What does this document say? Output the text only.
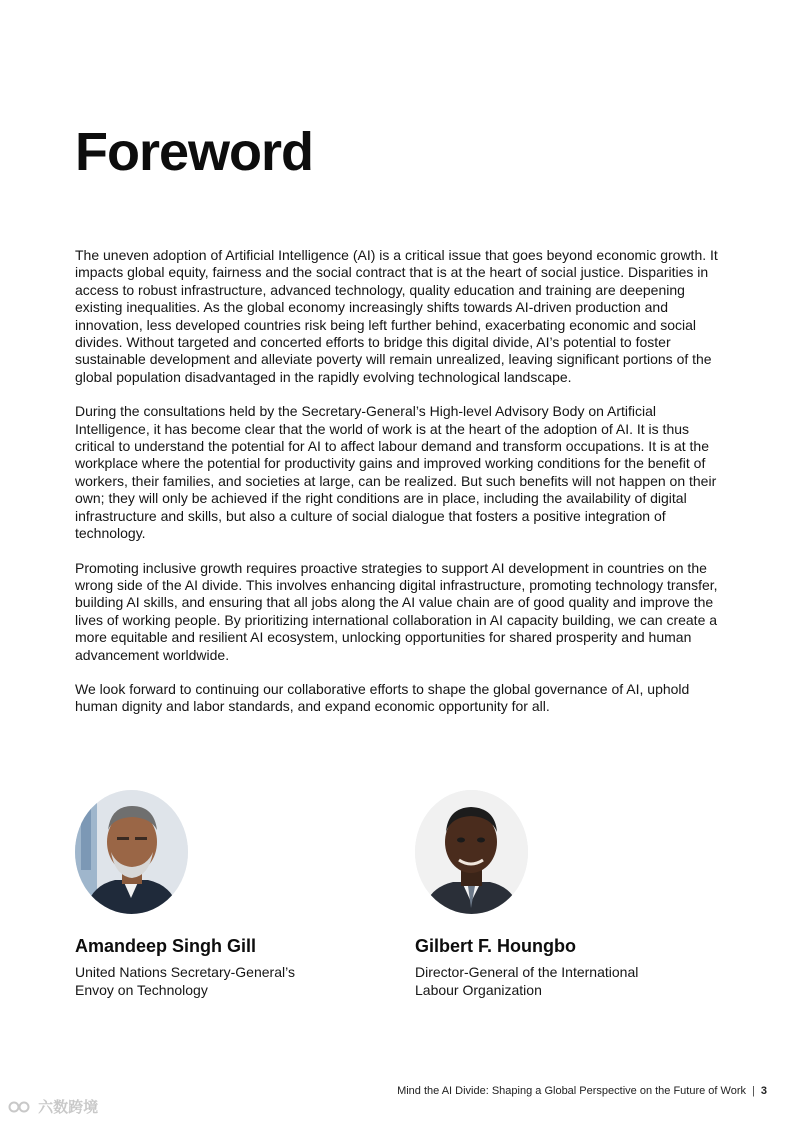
Foreword

The uneven adoption of Artificial Intelligence (AI) is a critical issue that goes beyond economic growth. It impacts global equity, fairness and the social contract that is at the heart of social justice. Disparities in access to robust infrastructure, advanced technology, quality education and training are deepening existing inequalities. As the global economy increasingly shifts towards AI-driven production and innovation, less developed countries risk being left further behind, exacerbating economic and social divides. Without targeted and concerted efforts to bridge this digital divide, AI’s potential to foster sustainable development and alleviate poverty will remain unrealized, leaving significant portions of the global population disadvantaged in the rapidly evolving technological landscape.

During the consultations held by the Secretary-General’s High-level Advisory Body on Artificial Intelligence, it has become clear that the world of work is at the heart of the adoption of AI. It is thus critical to understand the potential for AI to affect labour demand and transform occupations. It is at the workplace where the potential for productivity gains and improved working conditions for the benefit of workers, their families, and societies at large, can be realized. But such benefits will not happen on their own; they will only be achieved if the right conditions are in place, including the availability of digital infrastructure and skills, but also a culture of social dialogue that fosters a positive integration of technology.

Promoting inclusive growth requires proactive strategies to support AI development in countries on the wrong side of the AI divide. This involves enhancing digital infrastructure, promoting technology transfer, building AI skills, and ensuring that all jobs along the AI value chain are of good quality and improve the lives of working people. By prioritizing international collaboration in AI capacity building, we can create a more equitable and resilient AI ecosystem, unlocking opportunities for shared prosperity and human advancement worldwide.

We look forward to continuing our collaborative efforts to shape the global governance of AI, uphold human dignity and labor standards, and expand economic opportunity for all.

Amandeep Singh Gill
United Nations Secretary-General’s Envoy on Technology
Gilbert F. Houngbo
Director-General of the International Labour Organization
Mind the AI Divide: Shaping a Global Perspective on the Future of Work | 3
六数跨境
